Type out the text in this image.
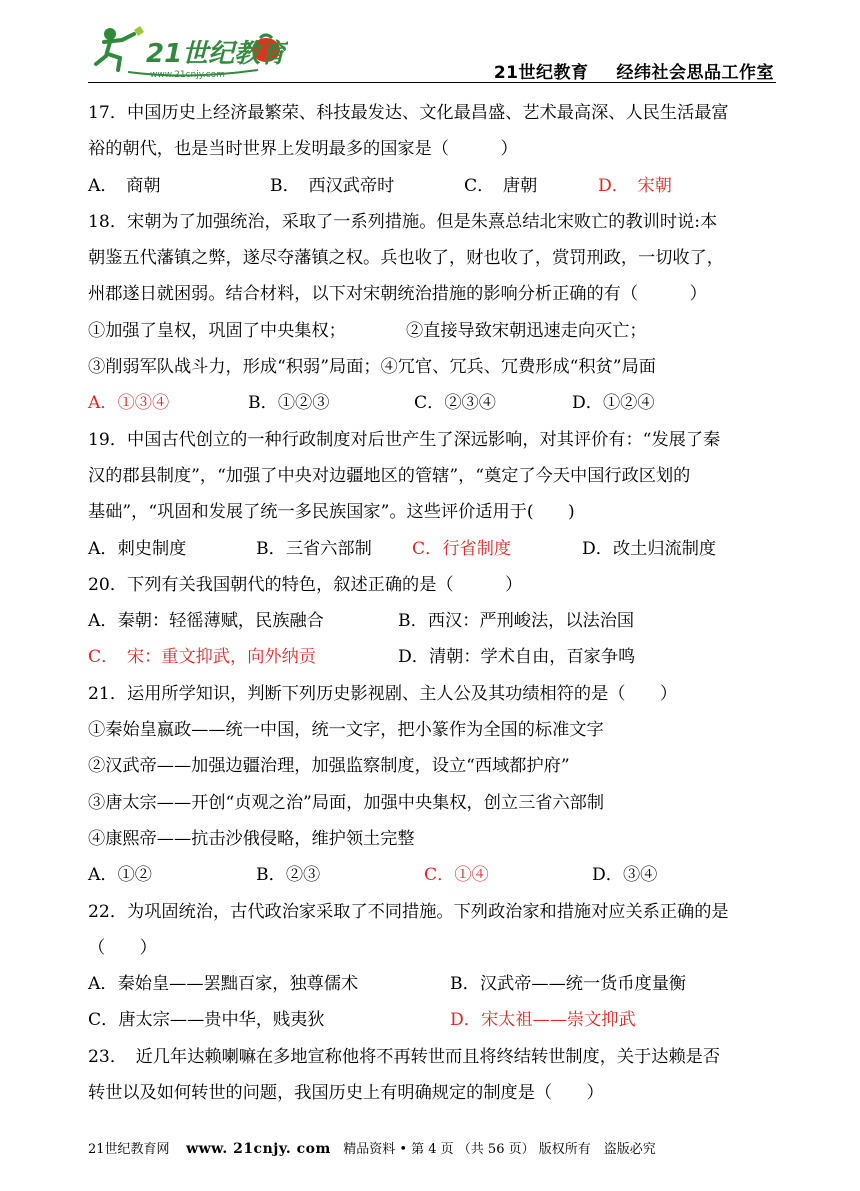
21世纪教育
www.21cnjy.com	21世纪教育 经纬社会思品工作室
17．中国历史上经济最繁荣、科技最发达、文化最昌盛、艺术最高深、人民生活最富
裕的朝代，也是当时世界上发明最多的国家是（　　　）
A．　商朝	B．　西汉武帝时	C．　唐朝	D．　宋朝
18．宋朝为了加强统治，采取了一系列措施。但是朱熹总结北宋败亡的教训时说:本
朝鉴五代藩镇之弊，遂尽夺藩镇之权。兵也收了，财也收了，赏罚刑政，一切收了，
州郡遂日就困弱。结合材料，以下对宋朝统治措施的影响分析正确的有（　　　）
①加强了皇权，巩固了中央集权；　　　　②直接导致宋朝迅速走向灭亡；
③削弱军队战斗力，形成“积弱”局面；④冗官、冗兵、冗费形成“积贫”局面
A．①③④	B．①②③	C．②③④	D．①②④
19．中国古代创立的一种行政制度对后世产生了深远影响，对其评价有：“发展了秦
汉的郡县制度”，“加强了中央对边疆地区的管辖”，“奠定了今天中国行政区划的
基础”，“巩固和发展了统一多民族国家”。这些评价适用于(　　)
A．刺史制度	B．三省六部制 C．行省制度	D．改土归流制度
20．下列有关我国朝代的特色，叙述正确的是（　　　）
A．秦朝：轻徭薄赋，民族融合	B．西汉：严刑峻法，以法治国
C．　宋：重文抑武，向外纳贡	D．清朝：学术自由，百家争鸣
21．运用所学知识，判断下列历史影视剧、主人公及其功绩相符的是（　　）
①秦始皇嬴政——统一中国，统一文字，把小篆作为全国的标准文字
②汉武帝——加强边疆治理，加强监察制度，设立“西域都护府”
③唐太宗——开创“贞观之治”局面，加强中央集权，创立三省六部制
④康熙帝——抗击沙俄侵略，维护领土完整
A．①②	B．②③	C．①④	D．③④
22．为巩固统治，古代政治家采取了不同措施。下列政治家和措施对应关系正确的是
（　　）
A．秦始皇——罢黜百家，独尊儒术	B．汉武帝——统一货币度量衡
C．唐太宗——贵中华，贱夷狄	D．宋太祖——崇文抑武
23．　近几年达赖喇嘛在多地宣称他将不再转世而且将终结转世制度，关于达赖是否
转世以及如何转世的问题，我国历史上有明确规定的制度是（　　）
21世纪教育网 www. 21cnjy. com 精品资料 • 第 4 页 （共 56 页） 版权所有　盗版必究
